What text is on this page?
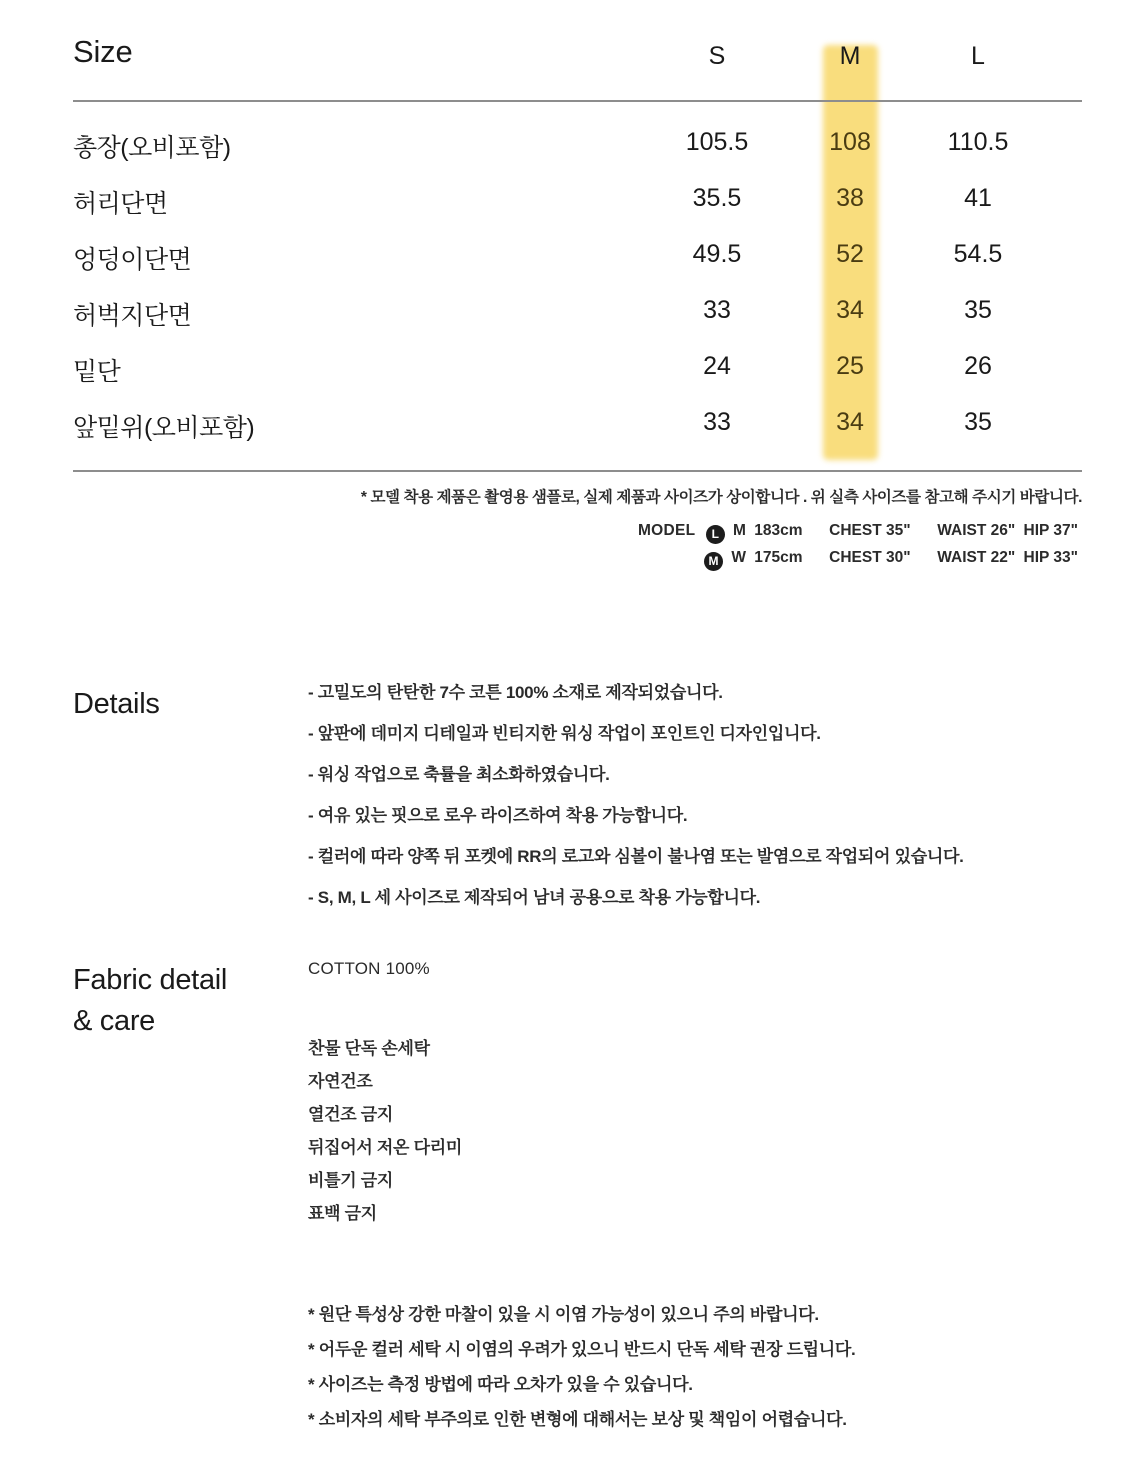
Size	S	M	L
총장(오비포함)	105.5	108	110.5
허리단면	35.5	38	41
엉덩이단면	49.5	52	54.5
허벅지단면	33	34	35
밑단	24	25	26
앞밑위(오비포함)	33	34	35
* 모델 착용 제품은 촬영용 샘플로, 실제 제품과 사이즈가 상이합니다 . 위 실측 사이즈를 참고해 주시기 바랍니다.
MODEL L M 183cm CHEST 35" WAIST 26" HIP 37"
M W 175cm CHEST 30" WAIST 22" HIP 33"
Details	- 고밀도의 탄탄한 7수 코튼 100% 소재로 제작되었습니다.
- 앞판에 데미지 디테일과 빈티지한 워싱 작업이 포인트인 디자인입니다.
- 워싱 작업으로 축률을 최소화하였습니다.
- 여유 있는 핏으로 로우 라이즈하여 착용 가능합니다.
- 컬러에 따라 양쪽 뒤 포켓에 RR의 로고와 심볼이 불나염 또는 발염으로 작업되어 있습니다.
- S, M, L 세 사이즈로 제작되어 남녀 공용으로 착용 가능합니다.
Fabric detail
& care
COTTON 100%
찬물 단독 손세탁
자연건조
열건조 금지
뒤집어서 저온 다리미
비틀기 금지
표백 금지
* 원단 특성상 강한 마찰이 있을 시 이염 가능성이 있으니 주의 바랍니다.
* 어두운 컬러 세탁 시 이염의 우려가 있으니 반드시 단독 세탁 권장 드립니다.
* 사이즈는 측정 방법에 따라 오차가 있을 수 있습니다.
* 소비자의 세탁 부주의로 인한 변형에 대해서는 보상 및 책임이 어렵습니다.
